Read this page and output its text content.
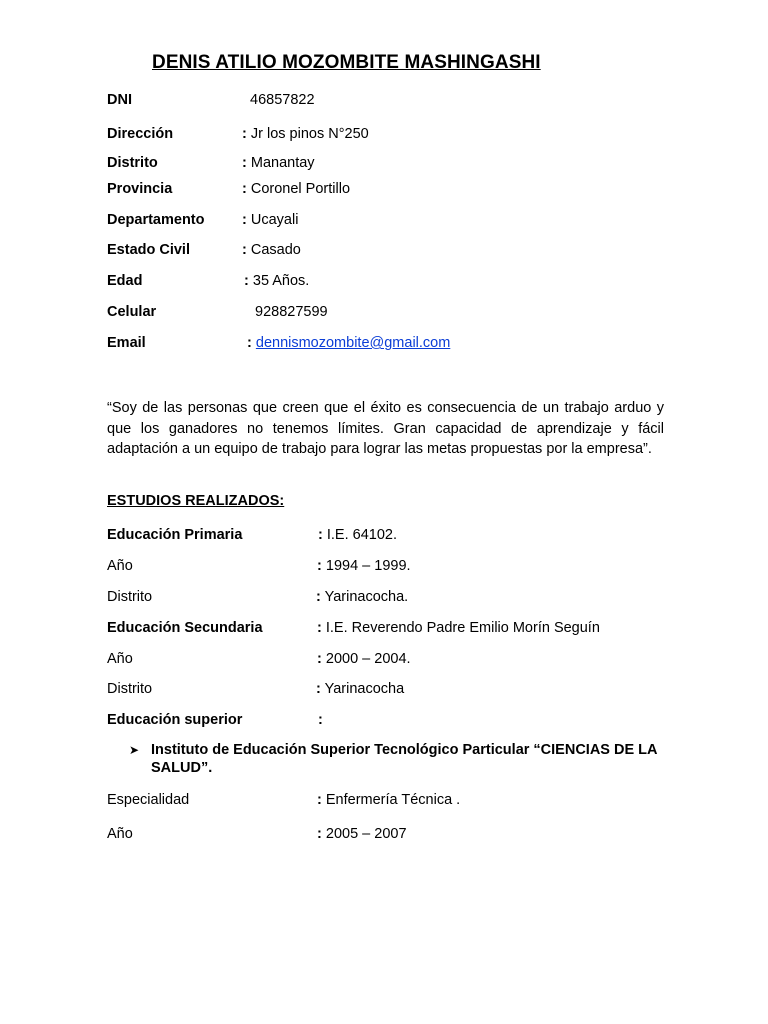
DENIS ATILIO MOZOMBITE MASHINGASHI
DNI	46857822
Dirección	: Jr los pinos N°250
Distrito	: Manantay
Provincia	: Coronel Portillo
Departamento	: Ucayali
Estado Civil	: Casado
Edad	: 35 Años.
Celular	928827599
Email	: dennismozombite@gmail.com
“Soy de las personas que creen que el éxito es consecuencia de un trabajo arduo y que los ganadores no tenemos límites. Gran capacidad de aprendizaje y fácil adaptación a un equipo de trabajo para lograr las metas propuestas por la empresa”.
ESTUDIOS REALIZADOS:
Educación Primaria	: I.E. 64102.
Año	: 1994 – 1999.
Distrito	: Yarinacocha.
Educación Secundaria	: I.E. Reverendo Padre Emilio Morín Seguín
Año	: 2000 – 2004.
Distrito	: Yarinacocha
Educación superior	:
➤ Instituto de Educación Superior Tecnológico Particular “CIENCIAS DE LA SALUD”.
Especialidad	: Enfermería Técnica .
Año	: 2005 – 2007
